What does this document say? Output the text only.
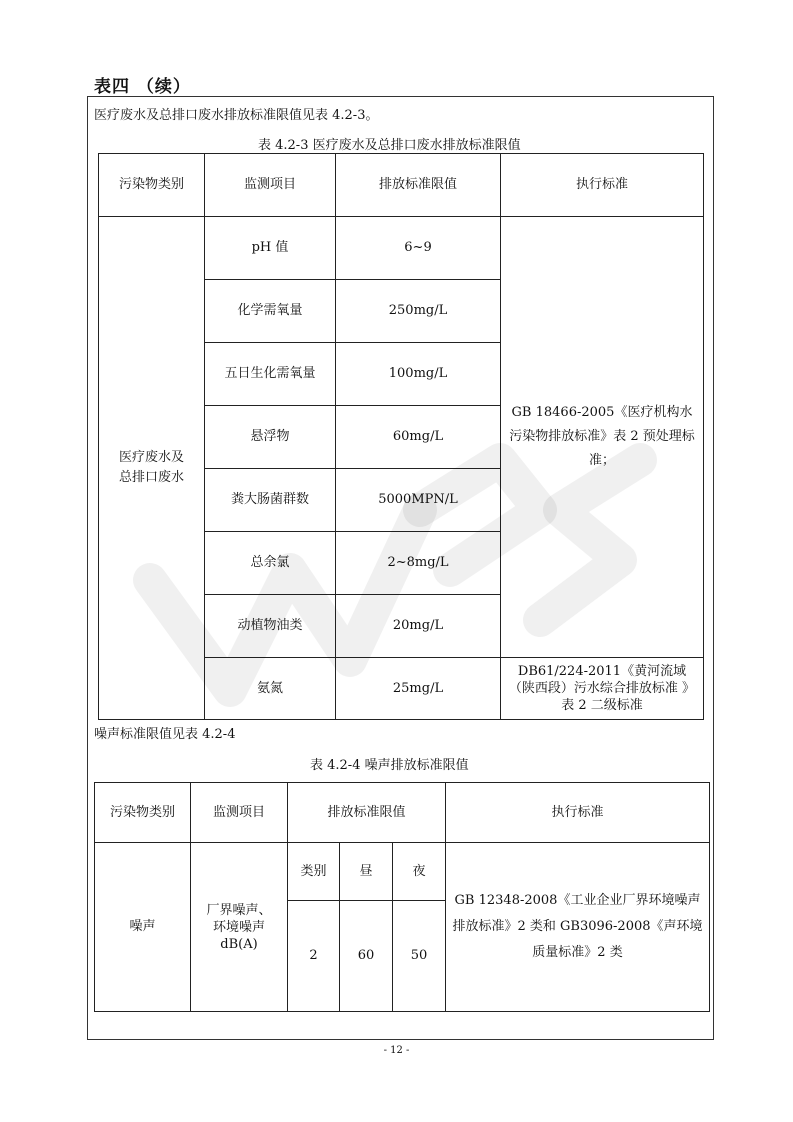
表四 （续）
医疗废水及总排口废水排放标准限值见表 4.2-3。
表 4.2-3 医疗废水及总排口废水排放标准限值
污染物类别	监测项目	排放标准限值	执行标准
医疗废水及总排口废水	pH 值	6~9	GB 18466-2005《医疗机构水污染物排放标准》表 2 预处理标准；
	化学需氧量	250mg/L	
	五日生化需氧量	100mg/L	
	悬浮物	60mg/L	
	粪大肠菌群数	5000MPN/L	
	总余氯	2~8mg/L	
	动植物油类	20mg/L	
	氨氮	25mg/L	DB61/224-2011《黄河流域（陕西段）污水综合排放标准 》表 2 二级标准
噪声标准限值见表 4.2-4
表 4.2-4 噪声排放标准限值
污染物类别	监测项目	排放标准限值			执行标准
噪声	厂界噪声、环境噪声 dB(A)	类别	昼	夜	GB 12348-2008《工业企业厂界环境噪声排放标准》2 类和 GB3096-2008《声环境质量标准》2 类
		2	60	50	
- 12 -
